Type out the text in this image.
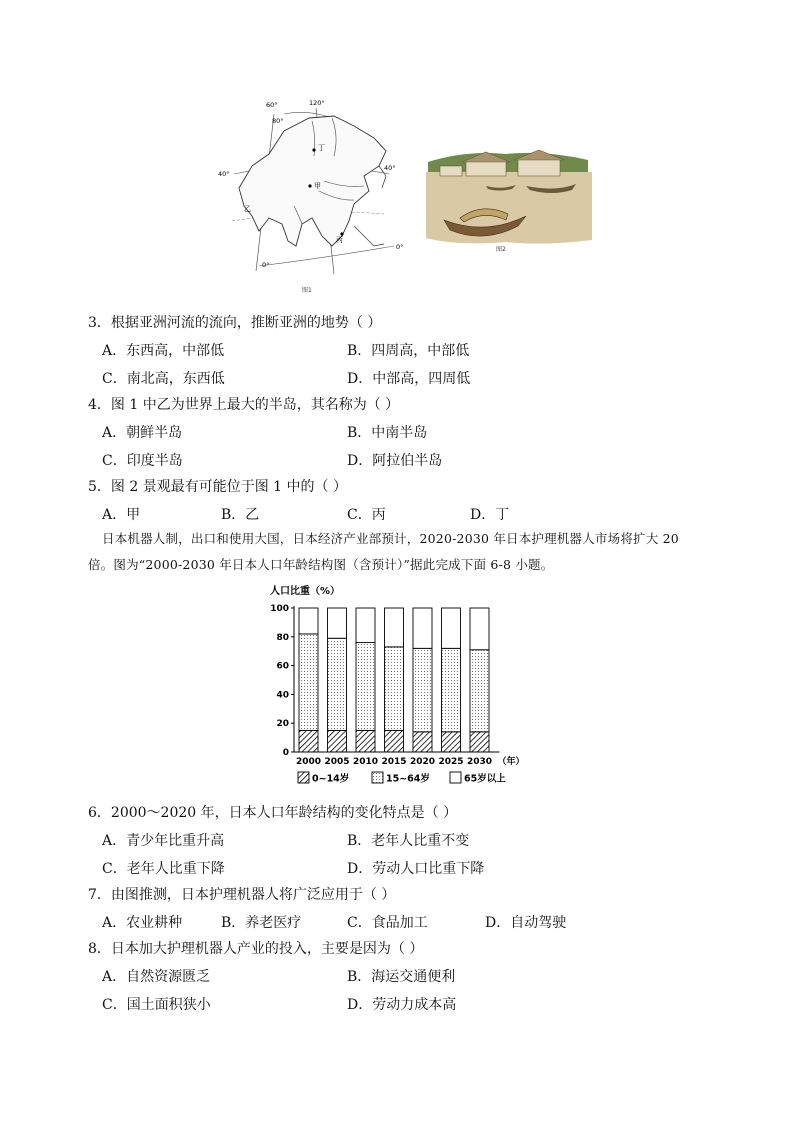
60°	120°
80°
40°
40°
0°
0°
丁
甲
乙
丙
图1
图2
3．根据亚洲河流的流向，推断亚洲的地势（ ）
A．东西高，中部低	B．四周高，中部低
C．南北高，东西低	D．中部高，四周低
4．图 1 中乙为世界上最大的半岛，其名称为（ ）
A．朝鲜半岛	B．中南半岛
C．印度半岛	D．阿拉伯半岛
5．图 2 景观最有可能位于图 1 中的（ ）
A．甲	B．乙	C．丙	D．丁
日本机器人制，出口和使用大国，日本经济产业部预计，2020-2030 年日本护理机器人市场将扩大 20
倍。图为“2000-2030 年日本人口年龄结构图（含预计）”据此完成下面 6-8 小题。
人口比重（%）
0
20
40
60
80
100
2000 2005 2010 2015 2020 2025 2030 （年）
0~14岁	15~64岁	65岁以上
6．2000～2020 年，日本人口年龄结构的变化特点是（ ）
A．青少年比重升高	B．老年人比重不变
C．老年人比重下降	D．劳动人口比重下降
7．由图推测，日本护理机器人将广泛应用于（ ）
A．农业耕种	B．养老医疗	C．食品加工	D．自动驾驶
8．日本加大护理机器人产业的投入，主要是因为（ ）
A．自然资源匮乏	B．海运交通便利
C．国土面积狭小	D．劳动力成本高
